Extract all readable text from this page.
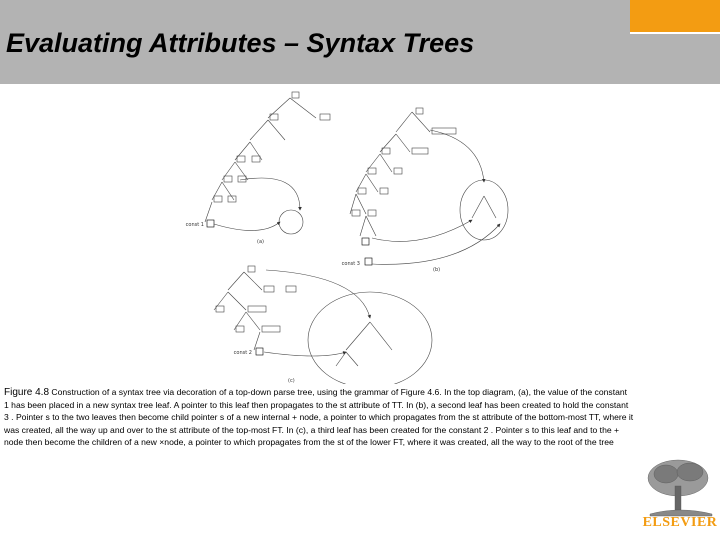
Evaluating Attributes – Syntax Trees
const 1
(a)
const 3
(b)
const 2
(c)
Figure 4.8 Construction of a syntax tree via decoration of a top-down parse tree, using the grammar of Figure 4.6. In the top diagram, (a), the value of the constant 1 has been placed in a new syntax tree leaf. A pointer to this leaf then propagates to the st attribute of TT. In (b), a second leaf has been created to hold the constant 3 . Pointer s to the two leaves then become child pointer s of a new internal + node, a pointer to which propagates from the st attribute of the bottom-most TT, where it was created, all the way up and over to the st attribute of the top-most FT. In (c), a third leaf has been created for the constant 2 . Pointer s to this leaf and to the + node then become the children of a new ×node, a pointer to which propagates from the st of the lower FT, where it was created, all the way to the root of the tree
ELSEVIER
